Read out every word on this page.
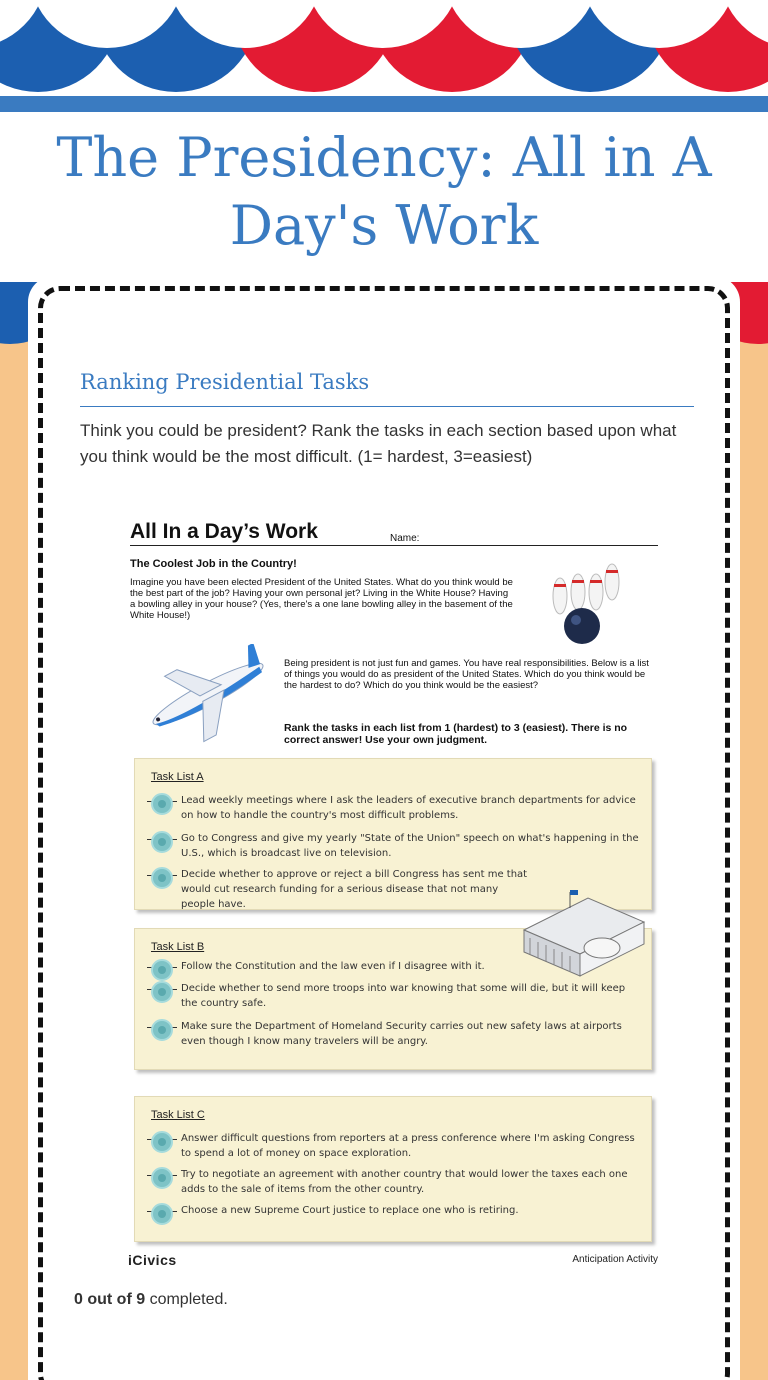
The Presidency: All in A Day's Work
Ranking Presidential Tasks

Think you could be president? Rank the tasks in each section based upon what you think would be the most difficult. (1= hardest, 3=easiest)

All In a Day’s Work	Name:
The Coolest Job in the Country!
Imagine you have been elected President of the United States. What do you think would be the best part of the job? Having your own personal jet? Living in the White House? Having a bowling alley in your house? (Yes, there's a one lane bowling alley in the basement of the White House!)
Being president is not just fun and games. You have real responsibilities. Below is a list of things you would do as president of the United States. Which do you think would be the hardest to do? Which do you think would be the easiest?
Rank the tasks in each list from 1 (hardest) to 3 (easiest). There is no correct answer! Use your own judgment.
Task List A
Lead weekly meetings where I ask the leaders of executive branch departments for advice on how to handle the country's most difficult problems.
Go to Congress and give my yearly "State of the Union" speech on what's happening in the U.S., which is broadcast live on television.
Decide whether to approve or reject a bill Congress has sent me that would cut research funding for a serious disease that not many people have.
Task List B
Follow the Constitution and the law even if I disagree with it.
Decide whether to send more troops into war knowing that some will die, but it will keep the country safe.
Make sure the Department of Homeland Security carries out new safety laws at airports even though I know many travelers will be angry.
Task List C
Answer difficult questions from reporters at a press conference where I'm asking Congress to spend a lot of money on space exploration.
Try to negotiate an agreement with another country that would lower the taxes each one adds to the sale of items from the other country.
Choose a new Supreme Court justice to replace one who is retiring.
iCivics	Anticipation Activity
0 out of 9 completed.
